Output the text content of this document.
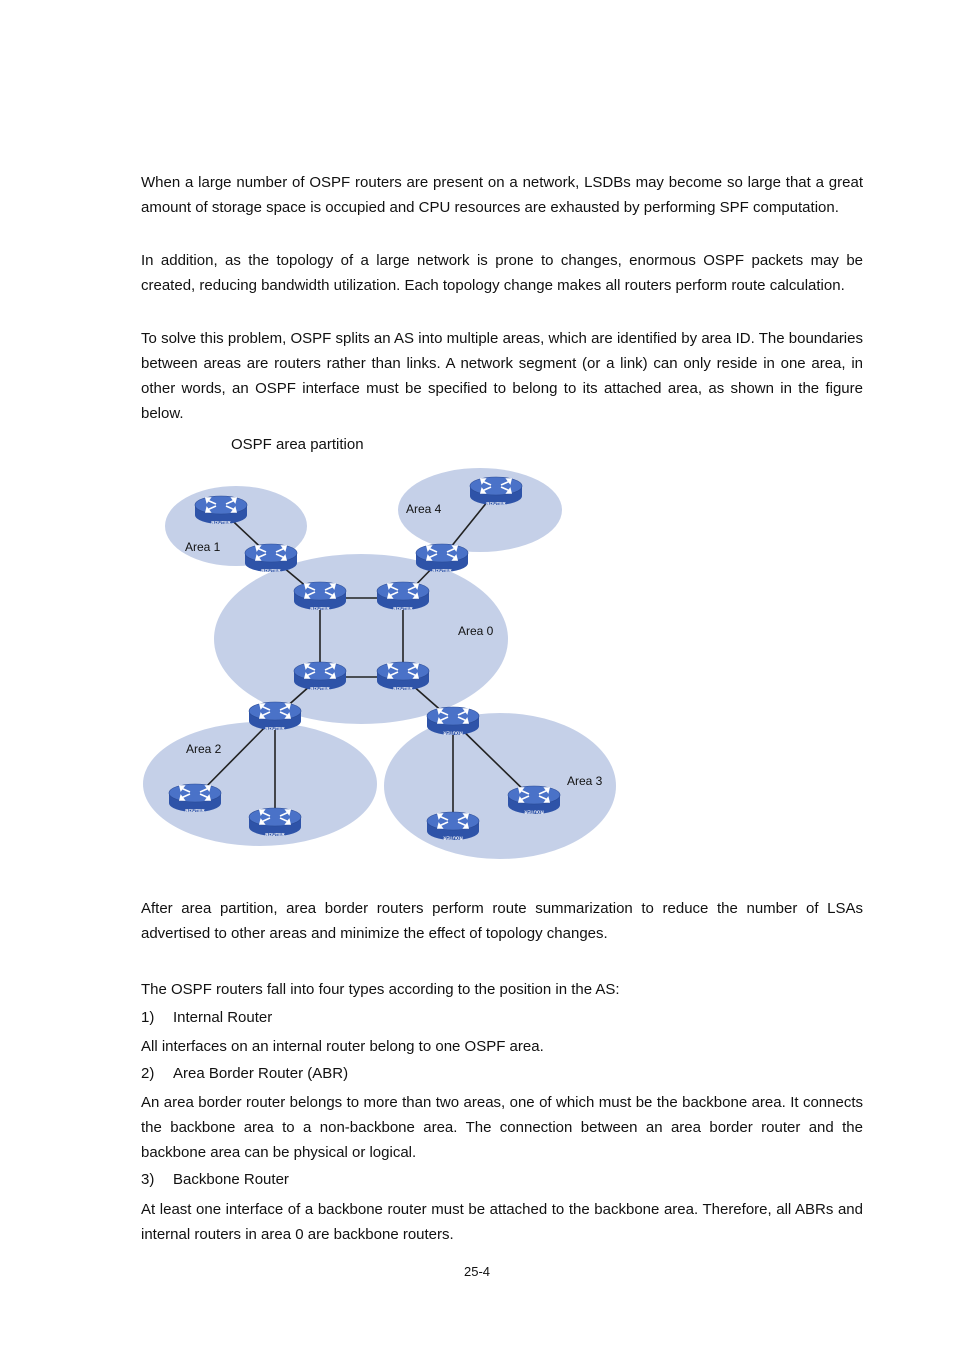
When a large number of OSPF routers are present on a network, LSDBs may become so large that a great amount of storage space is occupied and CPU resources are exhausted by performing SPF computation.

In addition, as the topology of a large network is prone to changes, enormous OSPF packets may be created, reducing bandwidth utilization. Each topology change makes all routers perform route calculation.

To solve this problem, OSPF splits an AS into multiple areas, which are identified by area ID. The boundaries between areas are routers rather than links. A network segment (or a link) can only reside in one area, in other words, an OSPF interface must be specified to belong to its attached area, as shown in the figure below.

OSPF area partition
ROUTER
ROUTER
ROUTER
ROUTER
ROUTER	ROUTER
ROUTER	ROUTER
ROUTER
ROUTER
ROUTER
ROUTER
ROUTER
ROUTER
Area 1
Area 4
Area 0
Area 2
Area 3

After area partition, area border routers perform route summarization to reduce the number of LSAs advertised to other areas and minimize the effect of topology changes.

The OSPF routers fall into four types according to the position in the AS:

1) Internal Router

All interfaces on an internal router belong to one OSPF area.

2) Area Border Router (ABR)

An area border router belongs to more than two areas, one of which must be the backbone area. It connects the backbone area to a non-backbone area. The connection between an area border router and the backbone area can be physical or logical.

3) Backbone Router

At least one interface of a backbone router must be attached to the backbone area. Therefore, all ABRs and internal routers in area 0 are backbone routers.

25-4
